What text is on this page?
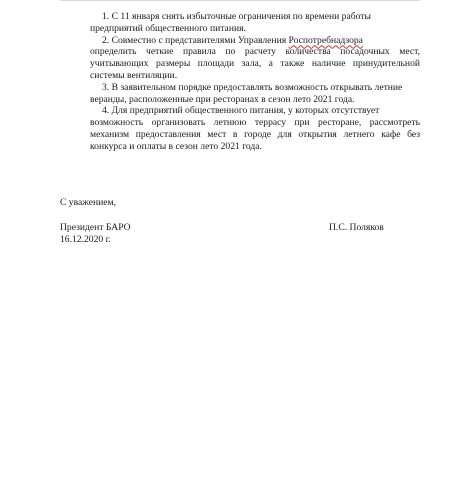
1. С 11 января снять избыточные ограничения по времени работы
предприятий общественного питания.

2. Совместно с представителями Управления Роспотребнадзора
определить четкие правила по расчету количества посадочных мест, учитывающих размеры площади зала, а также наличие принудительной системы вентиляции.

3. В заявительном порядке предоставлять возможность открывать летние
веранды, расположенные при ресторанах в сезон лето 2021 года.

4. Для предприятий общественного питания, у которых отсутствует
возможность организовать летнюю террасу при ресторане, рассмотреть механизм предоставления мест в городе для открытия летнего кафе без конкурса и оплаты в сезон лето 2021 года.

С уважением,

Президент БАРО	П.С. Поляков
16.12.2020 г.
